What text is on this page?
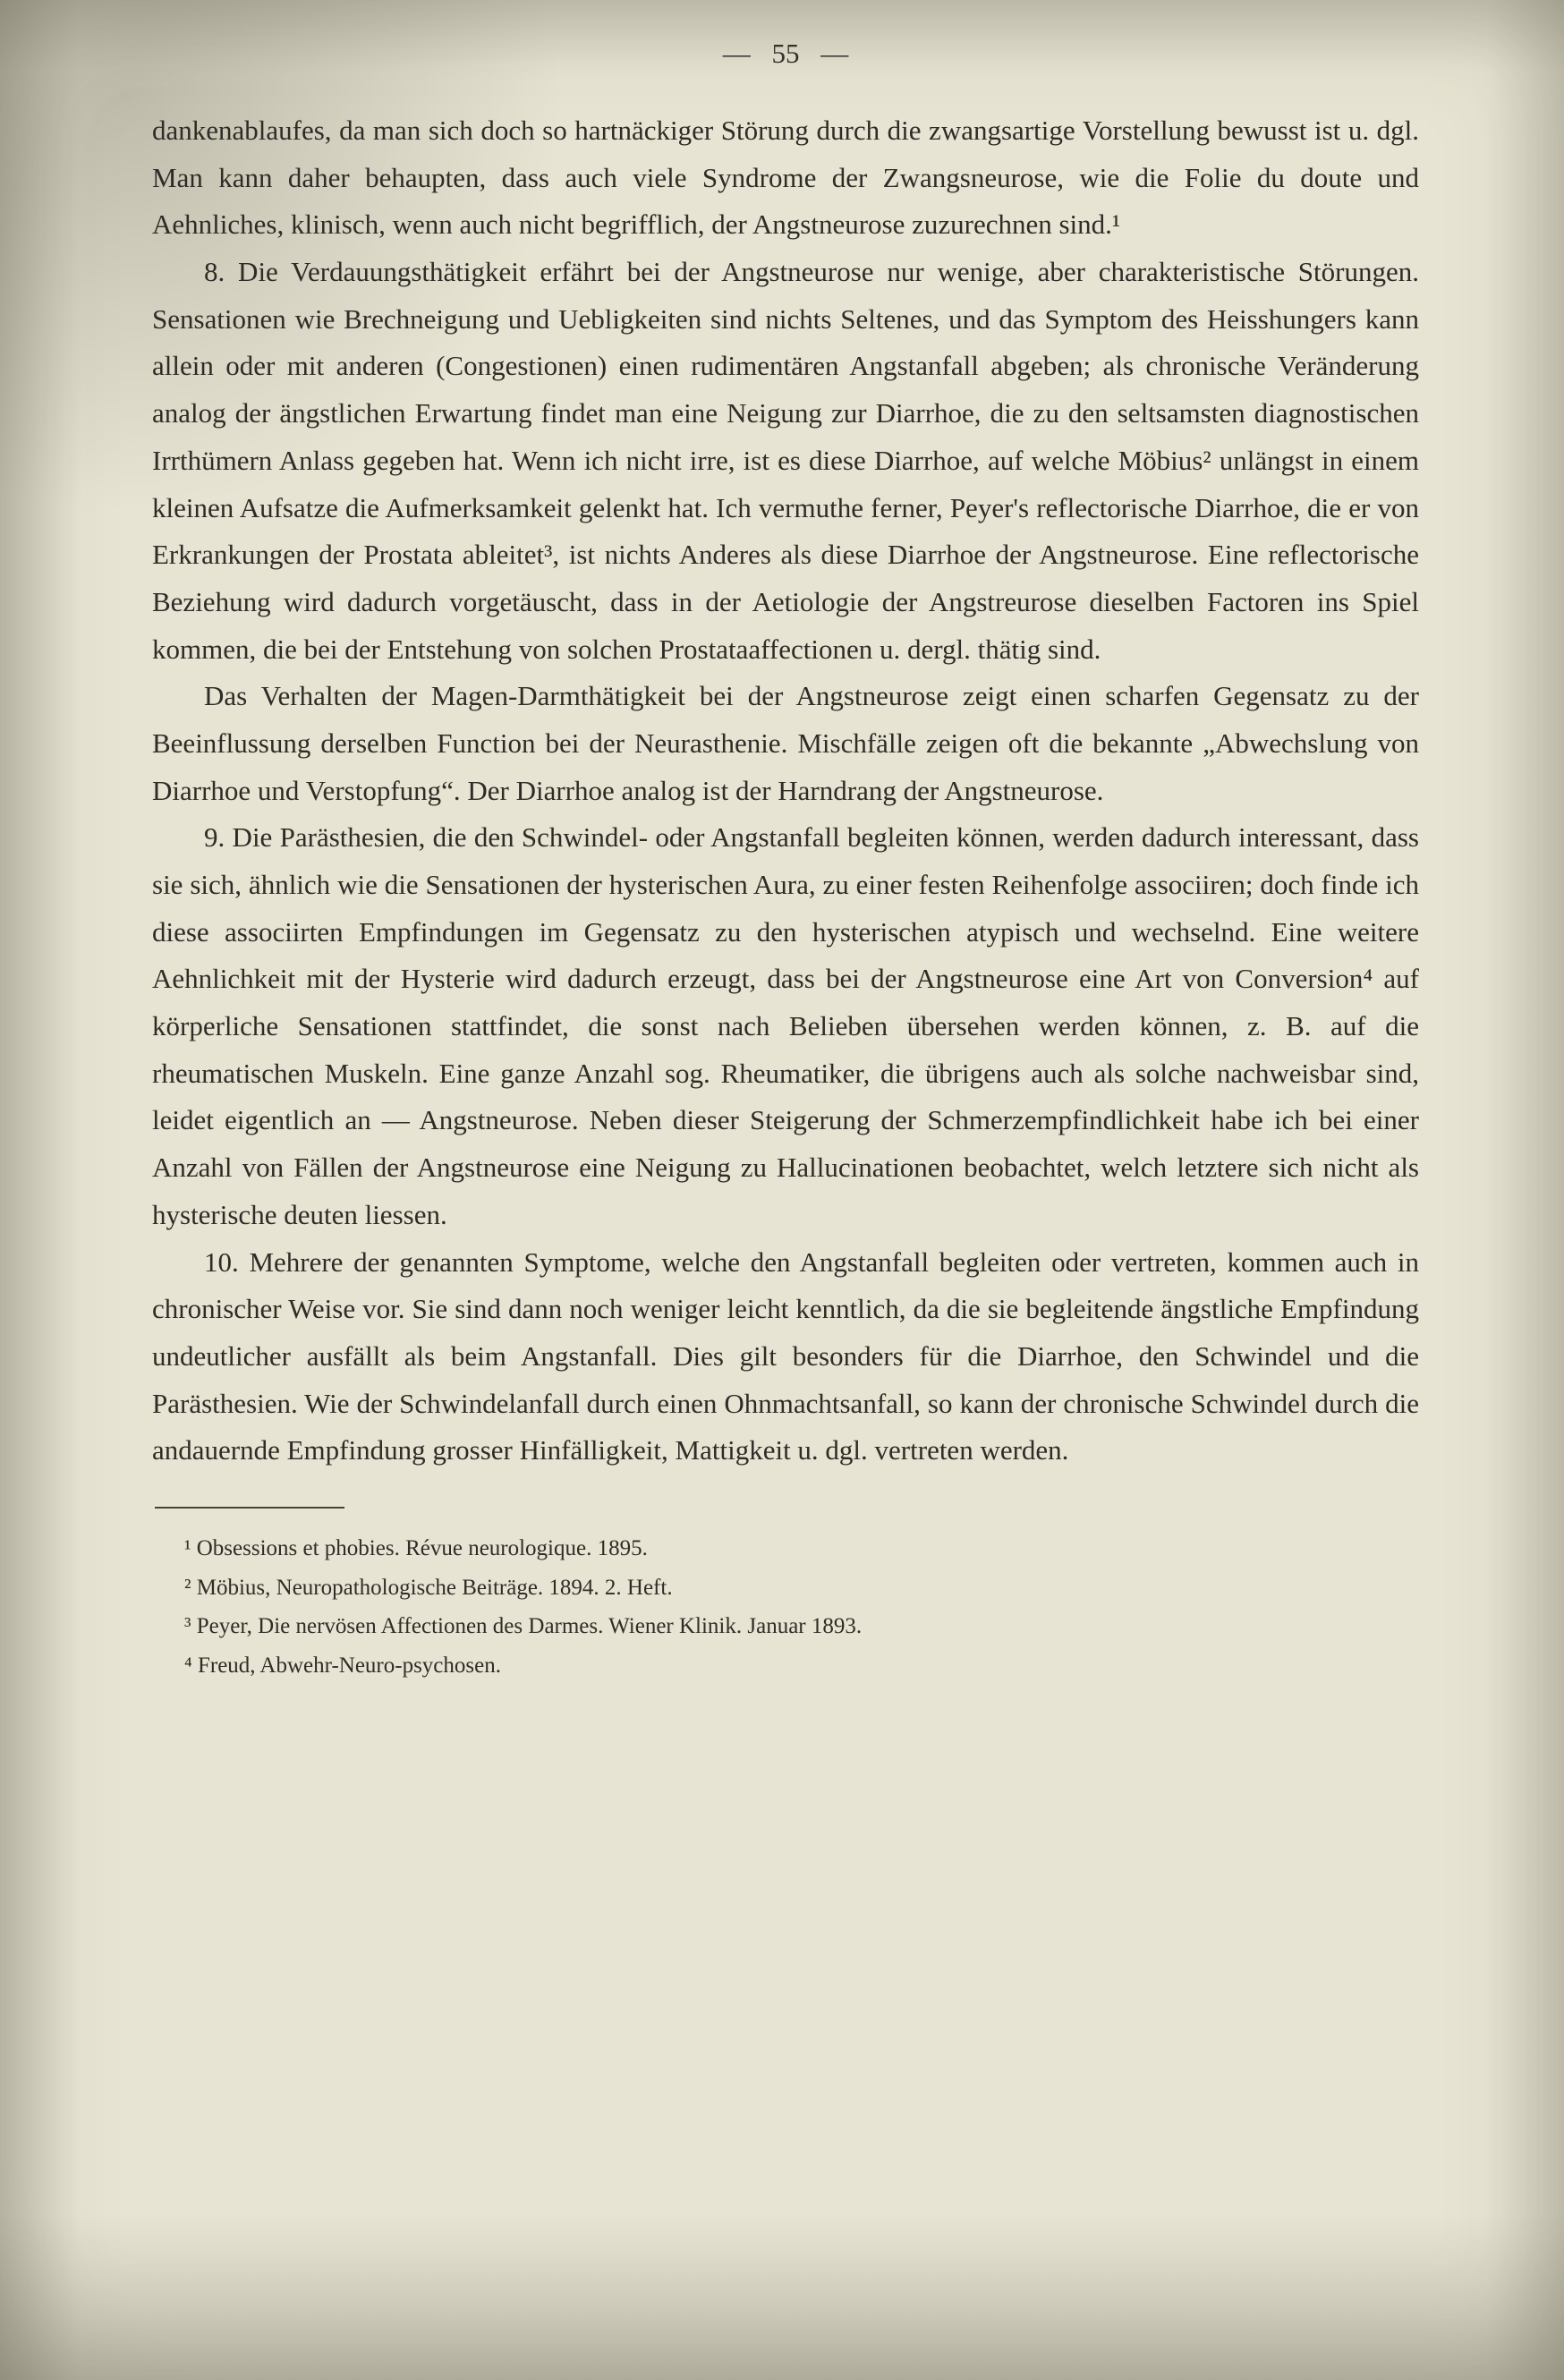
— 55 —

dankenablaufes, da man sich doch so hartnäckiger Störung durch die zwangsartige Vorstellung bewusst ist u. dgl. Man kann daher behaupten, dass auch viele Syndrome der Zwangsneurose, wie die Folie du doute und Aehnliches, klinisch, wenn auch nicht begrifflich, der Angstneurose zuzurechnen sind.¹

8. Die Verdauungsthätigkeit erfährt bei der Angstneurose nur wenige, aber charakteristische Störungen. Sensationen wie Brechneigung und Uebligkeiten sind nichts Seltenes, und das Symptom des Heisshungers kann allein oder mit anderen (Congestionen) einen rudimentären Angstanfall abgeben; als chronische Veränderung analog der ängstlichen Erwartung findet man eine Neigung zur Diarrhoe, die zu den seltsamsten diagnostischen Irrthümern Anlass gegeben hat. Wenn ich nicht irre, ist es diese Diarrhoe, auf welche Möbius² unlängst in einem kleinen Aufsatze die Aufmerksamkeit gelenkt hat. Ich vermuthe ferner, Peyer's reflectorische Diarrhoe, die er von Erkrankungen der Prostata ableitet³, ist nichts Anderes als diese Diarrhoe der Angstneurose. Eine reflectorische Beziehung wird dadurch vorgetäuscht, dass in der Aetiologie der Angstreurose dieselben Factoren ins Spiel kommen, die bei der Entstehung von solchen Prostataaffectionen u. dergl. thätig sind.

Das Verhalten der Magen-Darmthätigkeit bei der Angstneurose zeigt einen scharfen Gegensatz zu der Beeinflussung derselben Function bei der Neurasthenie. Mischfälle zeigen oft die bekannte „Abwechslung von Diarrhoe und Verstopfung“. Der Diarrhoe analog ist der Harndrang der Angstneurose.

9. Die Parästhesien, die den Schwindel- oder Angstanfall begleiten können, werden dadurch interessant, dass sie sich, ähnlich wie die Sensationen der hysterischen Aura, zu einer festen Reihenfolge associiren; doch finde ich diese associirten Empfindungen im Gegensatz zu den hysterischen atypisch und wechselnd. Eine weitere Aehnlichkeit mit der Hysterie wird dadurch erzeugt, dass bei der Angstneurose eine Art von Conversion⁴ auf körperliche Sensationen stattfindet, die sonst nach Belieben übersehen werden können, z. B. auf die rheumatischen Muskeln. Eine ganze Anzahl sog. Rheumatiker, die übrigens auch als solche nachweisbar sind, leidet eigentlich an — Angstneurose. Neben dieser Steigerung der Schmerzempfindlichkeit habe ich bei einer Anzahl von Fällen der Angstneurose eine Neigung zu Hallucinationen beobachtet, welch letztere sich nicht als hysterische deuten liessen.

10. Mehrere der genannten Symptome, welche den Angstanfall begleiten oder vertreten, kommen auch in chronischer Weise vor. Sie sind dann noch weniger leicht kenntlich, da die sie begleitende ängstliche Empfindung undeutlicher ausfällt als beim Angstanfall. Dies gilt besonders für die Diarrhoe, den Schwindel und die Parästhesien. Wie der Schwindelanfall durch einen Ohnmachtsanfall, so kann der chronische Schwindel durch die andauernde Empfindung grosser Hinfälligkeit, Mattigkeit u. dgl. vertreten werden.

¹ Obsessions et phobies. Révue neurologique. 1895.

² Möbius, Neuropathologische Beiträge. 1894. 2. Heft.

³ Peyer, Die nervösen Affectionen des Darmes. Wiener Klinik. Januar 1893.

⁴ Freud, Abwehr-Neuro-psychosen.
